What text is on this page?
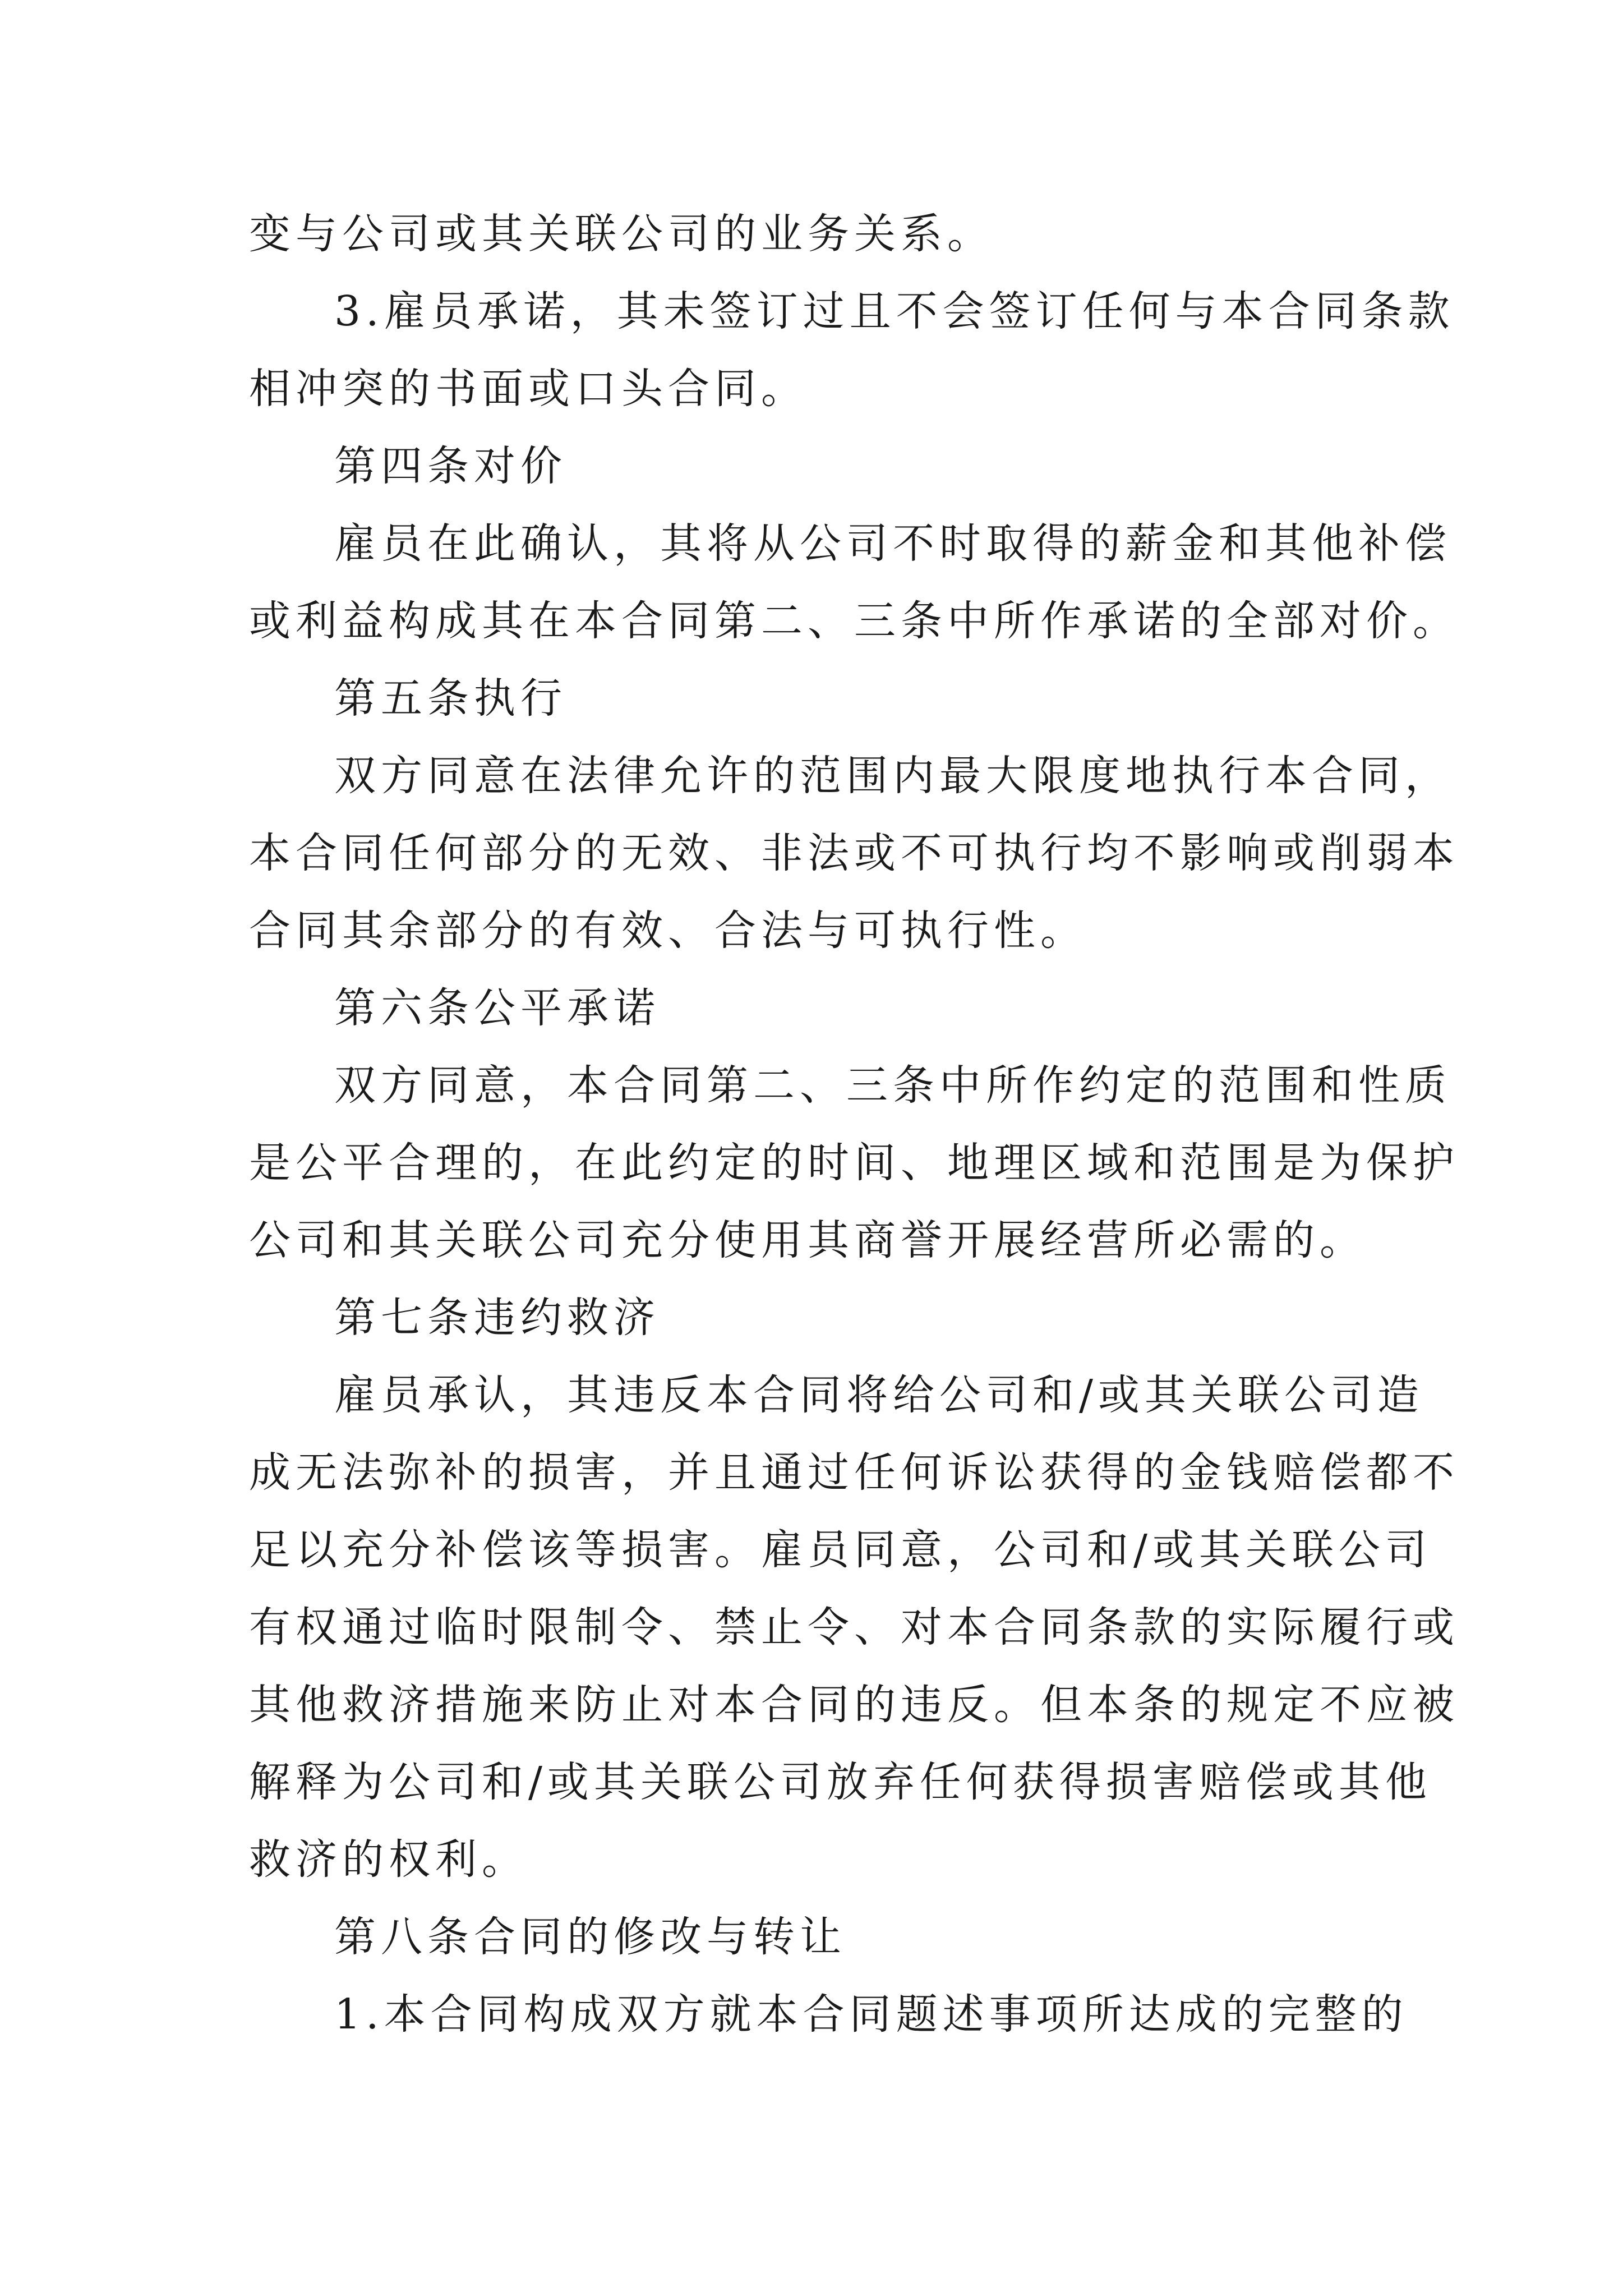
变与公司或其关联公司的业务关系。
3.雇员承诺，其未签订过且不会签订任何与本合同条款
相冲突的书面或口头合同。
第四条对价
雇员在此确认，其将从公司不时取得的薪金和其他补偿
或利益构成其在本合同第二、三条中所作承诺的全部对价。
第五条执行
双方同意在法律允许的范围内最大限度地执行本合同，
本合同任何部分的无效、非法或不可执行均不影响或削弱本
合同其余部分的有效、合法与可执行性。
第六条公平承诺
双方同意，本合同第二、三条中所作约定的范围和性质
是公平合理的，在此约定的时间、地理区域和范围是为保护
公司和其关联公司充分使用其商誉开展经营所必需的。
第七条违约救济
雇员承认，其违反本合同将给公司和/或其关联公司造
成无法弥补的损害，并且通过任何诉讼获得的金钱赔偿都不
足以充分补偿该等损害。雇员同意，公司和/或其关联公司
有权通过临时限制令、禁止令、对本合同条款的实际履行或
其他救济措施来防止对本合同的违反。但本条的规定不应被
解释为公司和/或其关联公司放弃任何获得损害赔偿或其他
救济的权利。
第八条合同的修改与转让
1.本合同构成双方就本合同题述事项所达成的完整的
